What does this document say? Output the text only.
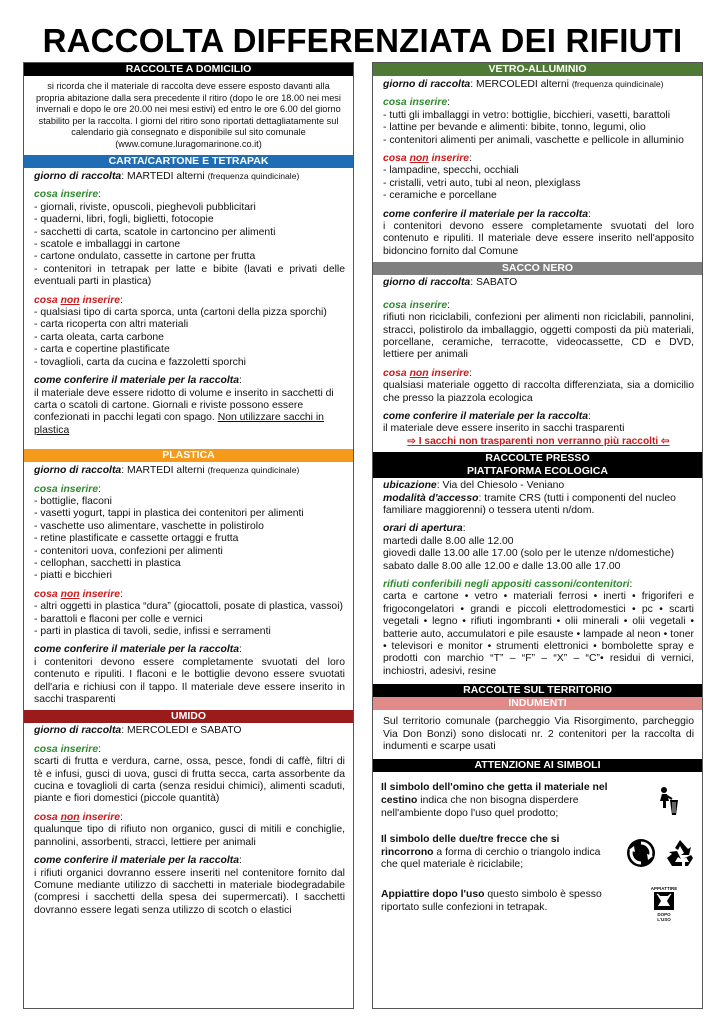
RACCOLTA DIFFERENZIATA DEI RIFIUTI
RACCOLTE A DOMICILIO
si ricorda che il materiale di raccolta deve essere esposto davanti alla propria abitazione dalla sera precedente il ritiro (dopo le ore 18.00 nei mesi invernali e dopo le ore 20.00 nei mesi estivi) ed entro le ore 6.00 del giorno stabilito per la raccolta. I giorni del ritiro sono riportati dettagliatamente sul calendario già consegnato e disponibile sul sito comunale (www.comune.luragomarinone.co.it)
CARTA/CARTONE E TETRAPAK

giorno di raccolta: MARTEDI alterni (frequenza quindicinale)

cosa inserire:

- giornali, riviste, opuscoli, pieghevoli pubblicitari

- quaderni, libri, fogli, biglietti, fotocopie

- sacchetti di carta, scatole in cartoncino per alimenti

- scatole e imballaggi in cartone

- cartone ondulato, cassette in cartone per frutta

- contenitori in tetrapak per latte e bibite (lavati e privati delle eventuali parti in plastica)

cosa non inserire:

- qualsiasi tipo di carta sporca, unta (cartoni della pizza sporchi)

- carta ricoperta con altri materiali

- carta oleata, carta carbone

- carta e copertine plastificate

- tovaglioli, carta da cucina e fazzoletti sporchi

come conferire il materiale per la raccolta:

il materiale deve essere ridotto di volume e inserito in sacchetti di carta o scatoli di cartone. Giornali e riviste possono essere confezionati in pacchi legati con spago. Non utilizzare sacchi in plastica

PLASTICA

giorno di raccolta: MARTEDI alterni (frequenza quindicinale)

cosa inserire:

- bottiglie, flaconi

- vasetti yogurt, tappi in plastica dei contenitori per alimenti

- vaschette uso alimentare, vaschette in polistirolo

- retine plastificate e cassette ortaggi e frutta

- contenitori uova, confezioni per alimenti

- cellophan, sacchetti in plastica

- piatti e bicchieri

cosa non inserire:

- altri oggetti in plastica “dura” (giocattoli, posate di plastica, vassoi)

- barattoli e flaconi per colle e vernici

- parti in plastica di tavoli, sedie, infissi e serramenti

come conferire il materiale per la raccolta:

i contenitori devono essere completamente svuotati del loro contenuto e ripuliti. I flaconi e le bottiglie devono essere svuotati dell'aria e richiusi con il tappo. Il materiale deve essere inserito in sacchi trasparenti

UMIDO

giorno di raccolta: MERCOLEDI e SABATO

cosa inserire:

scarti di frutta e verdura, carne, ossa, pesce, fondi di caffè, filtri di tè e infusi, gusci di uova, gusci di frutta secca, carta assorbente da cucina e tovaglioli di carta (senza residui chimici), alimenti scaduti, piante e fiori domestici (piccole quantità)

cosa non inserire:

qualunque tipo di rifiuto non organico, gusci di mitili e conchiglie, pannolini, assorbenti, stracci, lettiere per animali

come conferire il materiale per la raccolta:

i rifiuti organici dovranno essere inseriti nel contenitore fornito dal Comune mediante utilizzo di sacchetti in materiale biodegradabile (compresi i sacchetti della spesa dei supermercati). I sacchetti dovranno essere legati senza utilizzo di scotch o elastici

VETRO-ALLUMINIO

giorno di raccolta: MERCOLEDI alterni (frequenza quindicinale)

cosa inserire:

- tutti gli imballaggi in vetro: bottiglie, bicchieri, vasetti, barattoli

- lattine per bevande e alimenti: bibite, tonno, legumi, olio

- contenitori alimenti per animali, vaschette e pellicole in alluminio

cosa non inserire:

- lampadine, specchi, occhiali

- cristalli, vetri auto, tubi al neon, plexiglass

- ceramiche e porcellane

come conferire il materiale per la raccolta:

i contenitori devono essere completamente svuotati del loro contenuto e ripuliti. Il materiale deve essere inserito nell'apposito bidoncino fornito dal Comune

SACCO NERO

giorno di raccolta: SABATO

cosa inserire:

rifiuti non riciclabili, confezioni per alimenti non riciclabili, pannolini, stracci, polistirolo da imballaggio, oggetti composti da più materiali, porcellane, ceramiche, terracotte, videocassette, CD e DVD, lettiere per animali

cosa non inserire:

qualsiasi materiale oggetto di raccolta differenziata, sia a domicilio che presso la piazzola ecologica

come conferire il materiale per la raccolta:

il materiale deve essere inserito in sacchi trasparenti

⇨ I sacchi non trasparenti non verranno più raccolti ⇦

RACCOLTE PRESSO
PIATTAFORMA ECOLOGICA

ubicazione: Via del Chiesolo - Veniano

modalità d'accesso: tramite CRS (tutti i componenti del nucleo familiare maggiorenni) o tessera utenti n/dom.

orari di apertura:

martedi dalle 8.00 alle 12.00

giovedi dalle 13.00 alle 17.00 (solo per le utenze n/domestiche)

sabato dalle 8.00 alle 12.00 e dalle 13.00 alle 17.00

rifiuti conferibili negli appositi cassoni/contenitori:

carta e cartone • vetro • materiali ferrosi • inerti • frigoriferi e frigocongelatori • grandi e piccoli elettrodomestici • pc • scarti vegetali • legno • rifiuti ingombranti • olii minerali • olii vegetali • batterie auto, accumulatori e pile esauste • lampade al neon • toner • televisori e monitor • strumenti elettronici • bombolette spray e prodotti con marchio “T” – “F” – “X” – “C”• residui di vernici, inchiostri, adesivi, resine

RACCOLTE SUL TERRITORIO
INDUMENTI
Sul territorio comunale (parcheggio Via Risorgimento, parcheggio Via Don Bonzi) sono dislocati nr. 2 contenitori per la raccolta di indumenti e scarpe usati
ATTENZIONE AI SIMBOLI

Il simbolo dell'omino che getta il materiale nel cestino indica che non bisogna disperdere nell'ambiente dopo l'uso quel prodotto;

Il simbolo delle due/tre frecce che si rincorrono a forma di cerchio o triangolo indica che quel materiale è riciclabile;

Appiattire dopo l'uso questo simbolo è spesso riportato sulle confezioni in tetrapak.

APPIATTIRE
DOPO L'USO
